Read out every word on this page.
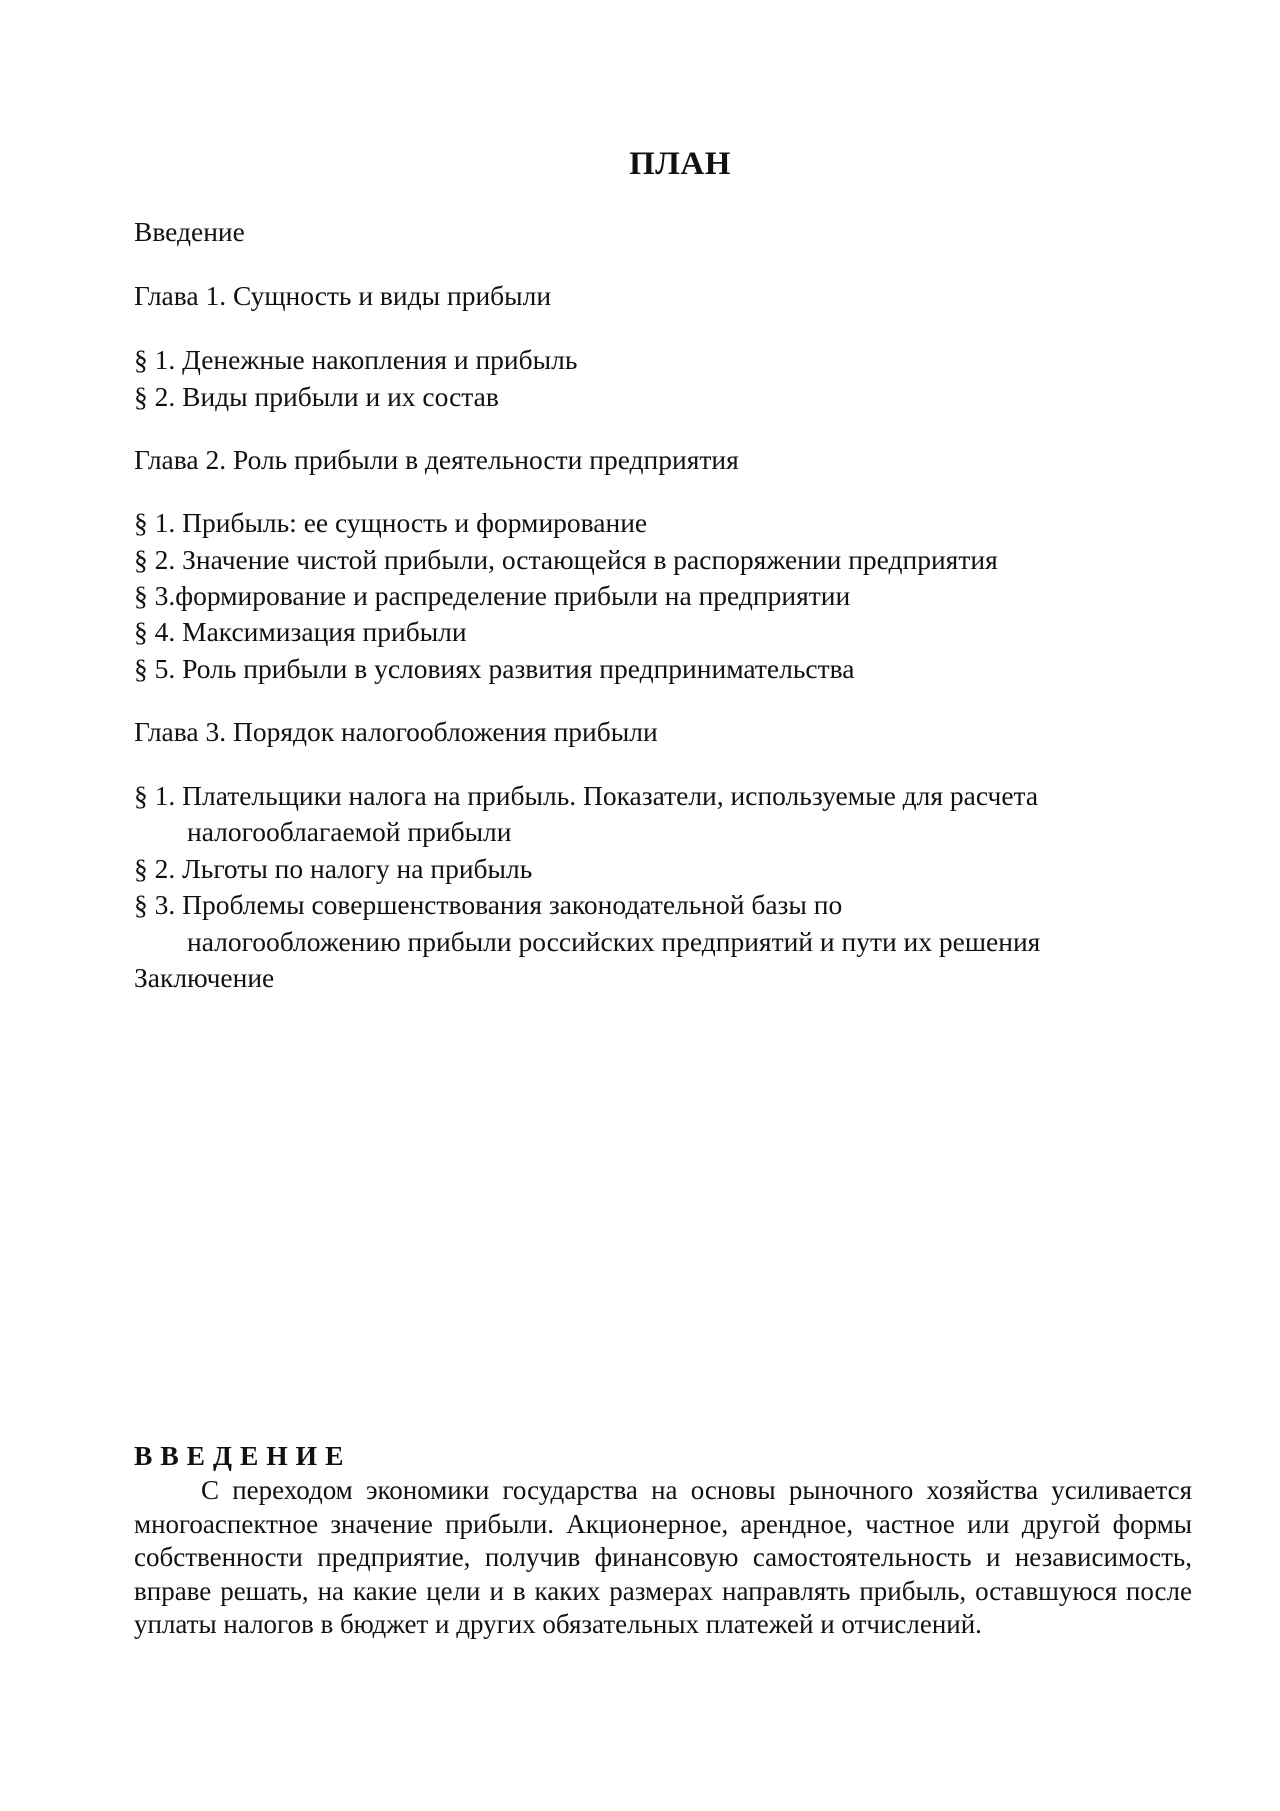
ПЛАН
Введение
Глава 1. Сущность и виды прибыли
§ 1. Денежные накопления и прибыль
§ 2. Виды прибыли и их состав
Глава 2. Роль прибыли в деятельности предприятия
§ 1. Прибыль: ее сущность и формирование
§ 2. Значение чистой прибыли, остающейся в распоряжении предприятия
§ 3.формирование и распределение прибыли на предприятии
§ 4. Максимизация прибыли
§ 5. Роль прибыли в условиях развития предпринимательства
Глава 3. Порядок налогообложения прибыли
§ 1. Плательщики налога на прибыль. Показатели, используемые для расчета
налогооблагаемой прибыли
§ 2. Льготы по налогу на прибыль
§ 3. Проблемы совершенствования законодательной базы по
налогообложению прибыли российских предприятий и пути их решения
Заключение
ВВЕДЕНИЕ
С переходом экономики государства на основы рыночного хозяйства усиливается многоаспектное значение прибыли. Акционерное, арендное, частное или другой формы собственности предприятие, получив финансовую самостоятельность и независимость, вправе решать, на какие цели и в каких размерах направлять прибыль, оставшуюся после уплаты налогов в бюджет и других обязательных платежей и отчислений.
